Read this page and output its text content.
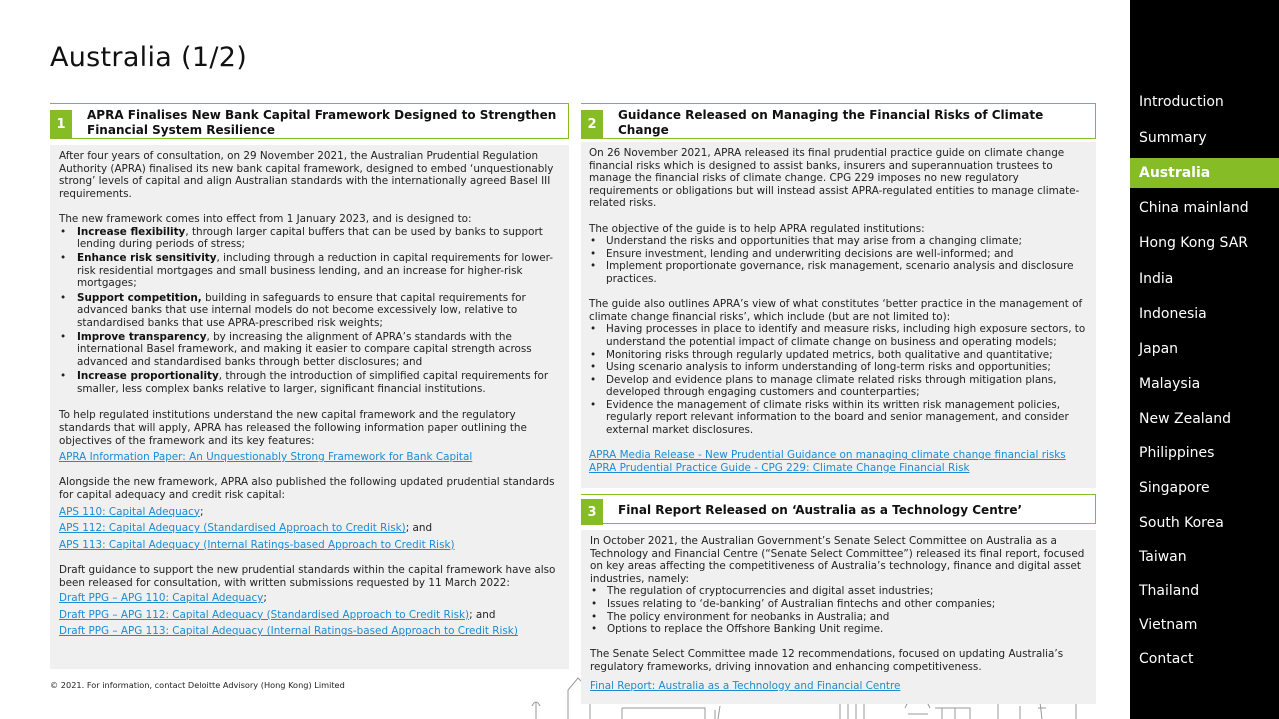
Australia (1/2)
1
APRA Finalises New Bank Capital Framework Designed to Strengthen Financial System Resilience

After four years of consultation, on 29 November 2021, the Australian Prudential Regulation Authority (APRA) finalised its new bank capital framework, designed to embed ‘unquestionably strong’ levels of capital and align Australian standards with the internationally agreed Basel III requirements.

The new framework comes into effect from 1 January 2023, and is designed to:

• Increase flexibility, through larger capital buffers that can be used by banks to support lending during periods of stress;
• Enhance risk sensitivity, including through a reduction in capital requirements for lower-risk residential mortgages and small business lending, and an increase for higher-risk mortgages;
• Support competition, building in safeguards to ensure that capital requirements for advanced banks that use internal models do not become excessively low, relative to standardised banks that use APRA-prescribed risk weights;
• Improve transparency, by increasing the alignment of APRA’s standards with the international Basel framework, and making it easier to compare capital strength across advanced and standardised banks through better disclosures; and
• Increase proportionality, through the introduction of simplified capital requirements for smaller, less complex banks relative to larger, significant financial institutions.

To help regulated institutions understand the new capital framework and the regulatory standards that will apply, APRA has released the following information paper outlining the objectives of the framework and its key features:

APRA Information Paper: An Unquestionably Strong Framework for Bank Capital

Alongside the new framework, APRA also published the following updated prudential standards for capital adequacy and credit risk capital:

APS 110: Capital Adequacy;
APS 112: Capital Adequacy (Standardised Approach to Credit Risk); and
APS 113: Capital Adequacy (Internal Ratings-based Approach to Credit Risk)

Draft guidance to support the new prudential standards within the capital framework have also been released for consultation, with written submissions requested by 11 March 2022:

Draft PPG – APG 110: Capital Adequacy;
Draft PPG – APG 112: Capital Adequacy (Standardised Approach to Credit Risk); and
Draft PPG – APG 113: Capital Adequacy (Internal Ratings-based Approach to Credit Risk)
2
Guidance Released on Managing the Financial Risks of Climate Change

On 26 November 2021, APRA released its final prudential practice guide on climate change financial risks which is designed to assist banks, insurers and superannuation trustees to manage the financial risks of climate change. CPG 229 imposes no new regulatory requirements or obligations but will instead assist APRA-regulated entities to manage climate-related risks.

The objective of the guide is to help APRA regulated institutions:

• Understand the risks and opportunities that may arise from a changing climate;
• Ensure investment, lending and underwriting decisions are well-informed; and
• Implement proportionate governance, risk management, scenario analysis and disclosure practices.

The guide also outlines APRA’s view of what constitutes ‘better practice in the management of climate change financial risks’, which include (but are not limited to):

• Having processes in place to identify and measure risks, including high exposure sectors, to understand the potential impact of climate change on business and operating models;
• Monitoring risks through regularly updated metrics, both qualitative and quantitative;
• Using scenario analysis to inform understanding of long-term risks and opportunities;
• Develop and evidence plans to manage climate related risks through mitigation plans, developed through engaging customers and counterparties;
• Evidence the management of climate risks within its written risk management policies, regularly report relevant information to the board and senior management, and consider external market disclosures.
APRA Media Release - New Prudential Guidance on managing climate change financial risks
APRA Prudential Practice Guide - CPG 229: Climate Change Financial Risk
3	Final Report Released on ‘Australia as a Technology Centre’

In October 2021, the Australian Government’s Senate Select Committee on Australia as a Technology and Financial Centre (“Senate Select Committee”) released its final report, focused on key areas affecting the competitiveness of Australia’s technology, finance and digital asset industries, namely:

• The regulation of cryptocurrencies and digital asset industries;
• Issues relating to ‘de-banking’ of Australian fintechs and other companies;
• The policy environment for neobanks in Australia; and
• Options to replace the Offshore Banking Unit regime.

The Senate Select Committee made 12 recommendations, focused on updating Australia’s regulatory frameworks, driving innovation and enhancing competitiveness.

Final Report: Australia as a Technology and Financial Centre
© 2021. For information, contact Deloitte Advisory (Hong Kong) Limited
Introduction
Summary
Australia
China mainland
Hong Kong SAR
India
Indonesia
Japan
Malaysia
New Zealand
Philippines
Singapore
South Korea
Taiwan
Thailand
Vietnam
Contact
